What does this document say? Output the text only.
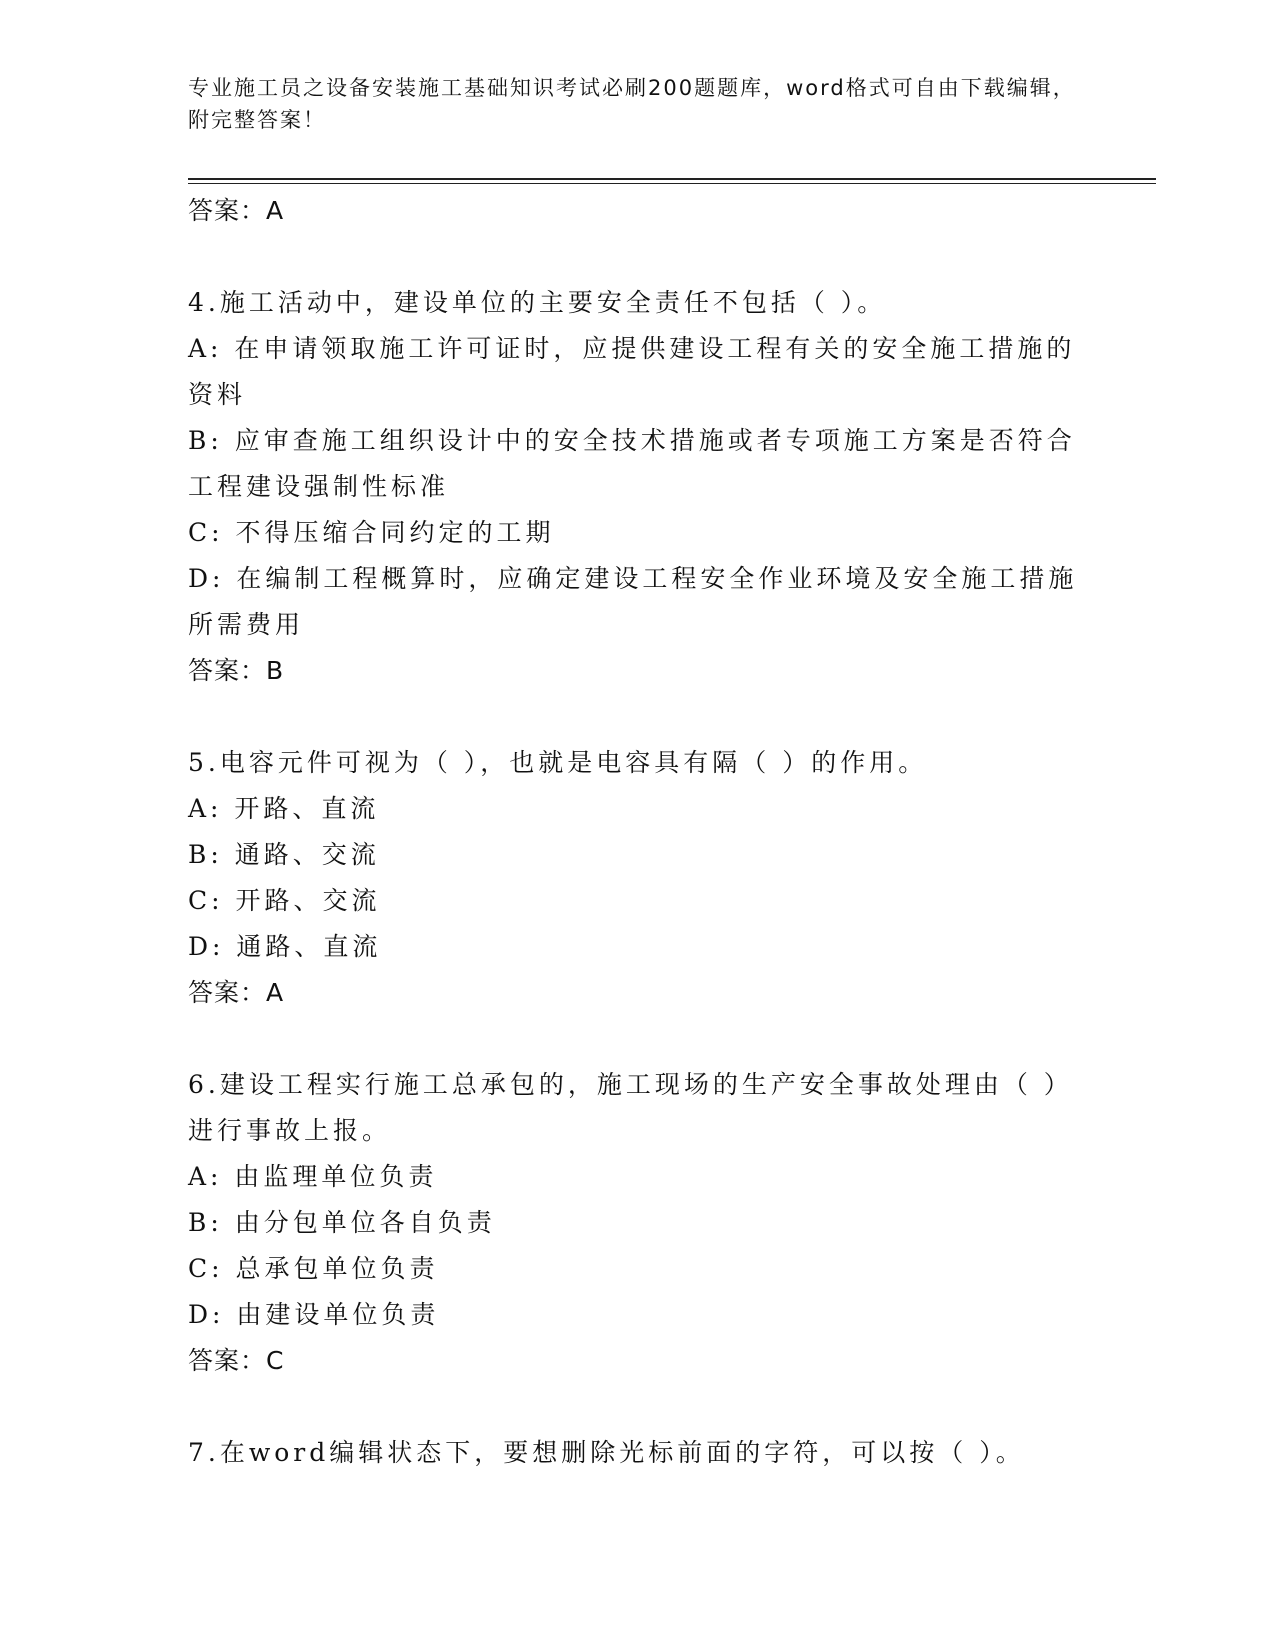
专业施工员之设备安装施工基础知识考试必刷200题题库，word格式可自由下载编辑，附完整答案！
答案：A
4.施工活动中，建设单位的主要安全责任不包括（ ）。
A: 在申请领取施工许可证时，应提供建设工程有关的安全施工措施的资料
B: 应审查施工组织设计中的安全技术措施或者专项施工方案是否符合工程建设强制性标准
C: 不得压缩合同约定的工期
D: 在编制工程概算时，应确定建设工程安全作业环境及安全施工措施所需费用
答案：B
5.电容元件可视为（ ），也就是电容具有隔（ ）的作用。
A: 开路、直流
B: 通路、交流
C: 开路、交流
D: 通路、直流
答案：A
6.建设工程实行施工总承包的，施工现场的生产安全事故处理由（ ）进行事故上报。
A: 由监理单位负责
B: 由分包单位各自负责
C: 总承包单位负责
D: 由建设单位负责
答案：C
7.在word编辑状态下，要想删除光标前面的字符，可以按（ ）。
